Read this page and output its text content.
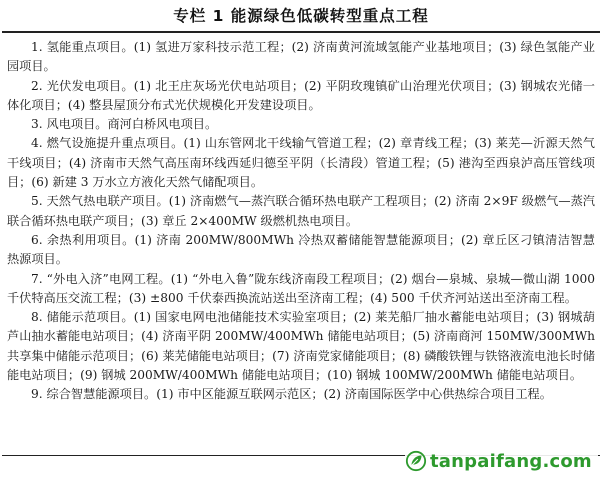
专栏 1 能源绿色低碳转型重点工程

1. 氢能重点项目。(1) 氢进万家科技示范工程；(2) 济南黄河流域氢能产业基地项目；(3) 绿色氢能产业园项目。

2. 光伏发电项目。(1) 北王庄灰场光伏电站项目；(2) 平阴玫瑰镇矿山治理光伏项目；(3) 钢城农光储一体化项目；(4) 整县屋顶分布式光伏规模化开发建设项目。

3. 风电项目。商河白桥风电项目。

4. 燃气设施提升重点项目。(1) 山东管网北干线输气管道工程；(2) 章青线工程；(3) 莱芜—沂源天然气干线项目；(4) 济南市天然气高压南环线西延归德至平阴（长清段）管道工程；(5) 港沟至西泉泸高压管线项目；(6) 新建 3 万水立方液化天然气储配项目。

5. 天然气热电联产项目。(1) 济南燃气—蒸汽联合循环热电联产工程项目；(2) 济南 2×9F 级燃气—蒸汽联合循环热电联产项目；(3) 章丘 2×400MW 级燃机热电项目。

6. 余热利用项目。(1) 济南 200MW/800MWh 冷热双蓄储能智慧能源项目；(2) 章丘区刁镇清洁智慧热源项目。

7. “外电入济”电网工程。(1) “外电入鲁”陇东线济南段工程项目；(2) 烟台—泉城、泉城—微山湖 1000 千伏特高压交流工程；(3) ±800 千伏泰西换流站送出至济南工程；(4) 500 千伏齐河站送出至济南工程。

8. 储能示范项目。(1) 国家电网电池储能技术实验室项目；(2) 莱芜船厂抽水蓄能电站项目；(3) 钢城葫芦山抽水蓄能电站项目；(4) 济南平阴 200MW/400MWh 储能电站项目；(5) 济南商河 150MW/300MWh 共享集中储能示范项目；(6) 莱芜储能电站项目；(7) 济南党家储能项目；(8) 磷酸铁锂与铁铬液流电池长时储能电站项目；(9) 钢城 200MW/400MWh 储能电站项目；(10) 钢城 100MW/200MWh 储能电站项目。

9. 综合智慧能源项目。(1) 市中区能源互联网示范区；(2) 济南国际医学中心供热综合项目工程。

tanpaifang.com
